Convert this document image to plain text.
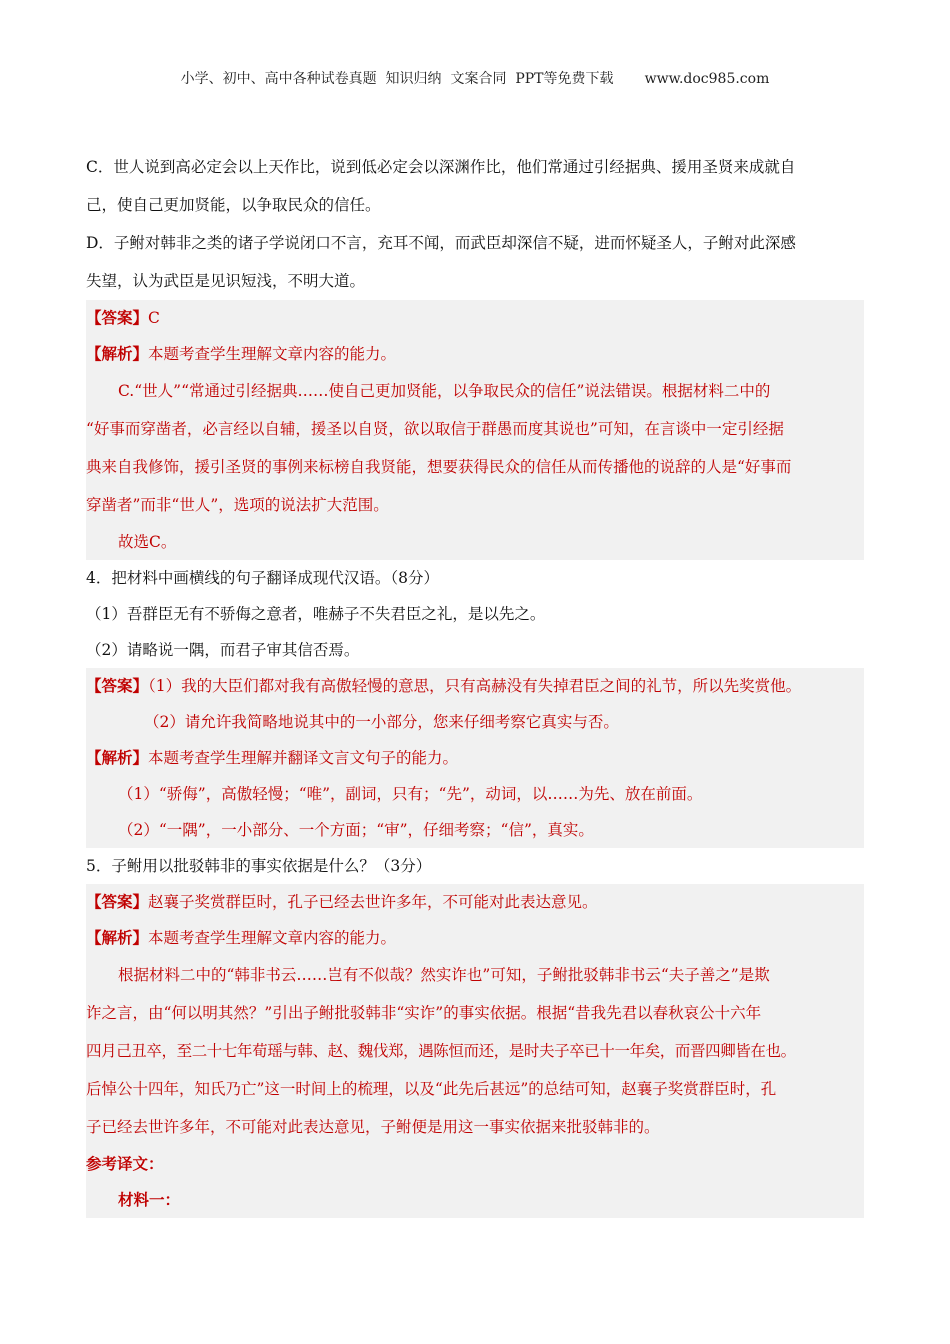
小学、初中、高中各种试卷真题  知识归纳  文案合同  PPT等免费下载       www.doc985.com
C．世人说到高必定会以上天作比，说到低必定会以深渊作比，他们常通过引经据典、援用圣贤来成就自
己，使自己更加贤能，以争取民众的信任。
D．子鲋对韩非之类的诸子学说闭口不言，充耳不闻，而武臣却深信不疑，进而怀疑圣人，子鲋对此深感
失望，认为武臣是见识短浅，不明大道。
【答案】C
【解析】本题考查学生理解文章内容的能力。
C.“世人”“常通过引经据典……使自己更加贤能，以争取民众的信任”说法错误。根据材料二中的
“好事而穿凿者，必言经以自辅，援圣以自贤，欲以取信于群愚而度其说也”可知，在言谈中一定引经据
典来自我修饰，援引圣贤的事例来标榜自我贤能，想要获得民众的信任从而传播他的说辞的人是“好事而
穿凿者”而非“世人”，选项的说法扩大范围。
故选C。
4．把材料中画横线的句子翻译成现代汉语。（8分）
（1）吾群臣无有不骄侮之意者，唯赫子不失君臣之礼，是以先之。
（2）请略说一隅，而君子审其信否焉。
【答案】（1）我的大臣们都对我有高傲轻慢的意思，只有高赫没有失掉君臣之间的礼节，所以先奖赏他。
（2）请允许我简略地说其中的一小部分，您来仔细考察它真实与否。
【解析】本题考查学生理解并翻译文言文句子的能力。
（1）“骄侮”，高傲轻慢；“唯”，副词，只有；“先”，动词，以……为先、放在前面。
（2）“一隅”，一小部分、一个方面；“审”，仔细考察；“信”，真实。
5．子鲋用以批驳韩非的事实依据是什么？（3分）
【答案】赵襄子奖赏群臣时，孔子已经去世许多年，不可能对此表达意见。
【解析】本题考查学生理解文章内容的能力。
根据材料二中的“韩非书云……岂有不似哉？然实诈也”可知，子鲋批驳韩非书云“夫子善之”是欺
诈之言，由“何以明其然？”引出子鲋批驳韩非“实诈”的事实依据。根据“昔我先君以春秋哀公十六年
四月己丑卒，至二十七年荀瑶与韩、赵、魏伐郑，遇陈恒而还，是时夫子卒已十一年矣，而晋四卿皆在也。
后悼公十四年，知氏乃亡”这一时间上的梳理，以及“此先后甚远”的总结可知，赵襄子奖赏群臣时，孔
子已经去世许多年，不可能对此表达意见，子鲋便是用这一事实依据来批驳韩非的。
参考译文：
材料一：
